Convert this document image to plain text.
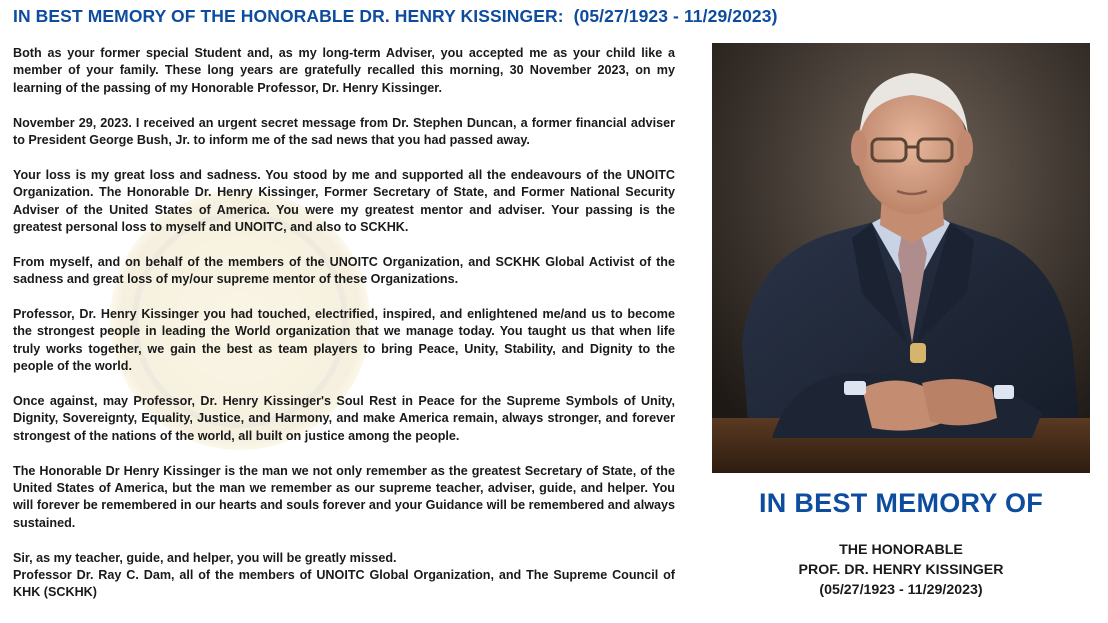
IN BEST MEMORY OF THE HONORABLE DR. HENRY KISSINGER:  (05/27/1923 - 11/29/2023)

Both as your former special Student and, as my long-term Adviser, you accepted me as your child like a member of your family. These long years are gratefully recalled this morning, 30 November 2023, on my learning of the passing of my Honorable Professor, Dr. Henry Kissinger.

November 29, 2023. I received an urgent secret message from Dr. Stephen Duncan, a former financial adviser to President George Bush, Jr. to inform me of the sad news that you had passed away.

Your loss is my great loss and sadness. You stood by me and supported all the endeavours of the UNOITC Organization. The Honorable Dr. Henry Kissinger, Former Secretary of State, and Former National Security Adviser of the United States of America. You were my greatest mentor and adviser. Your passing is the greatest personal loss to myself and UNOITC, and also to SCKHK.

From myself, and on behalf of the members of the UNOITC Organization, and SCKHK Global Activist of the sadness and great loss of my/our supreme mentor of these Organizations.

Professor, Dr. Henry Kissinger you had touched, electrified, inspired, and enlightened me/and us to become the strongest people in leading the World organization that we manage today. You taught us that when life truly works together, we gain the best as team players to bring Peace, Unity, Stability, and Dignity to the people of the world.

Once against, may Professor, Dr. Henry Kissinger's Soul Rest in Peace for the Supreme Symbols of Unity, Dignity, Sovereignty, Equality, Justice, and Harmony, and make America remain, always stronger, and forever strongest of the nations of the world, all built on justice among the people.

The Honorable Dr Henry Kissinger is the man we not only remember as the greatest Secretary of State, of the United States of America, but the man we remember as our supreme teacher, adviser, guide, and helper. You will forever be remembered in our hearts and souls forever and your Guidance will be remembered and always sustained.

Sir, as my teacher, guide, and helper, you will be greatly missed.

Professor Dr. Ray C. Dam, all of the members of UNOITC Global Organization, and The Supreme Council of KHK (SCKHK)

IN BEST MEMORY OF
THE HONORABLE
PROF. DR. HENRY KISSINGER
(05/27/1923 - 11/29/2023)
